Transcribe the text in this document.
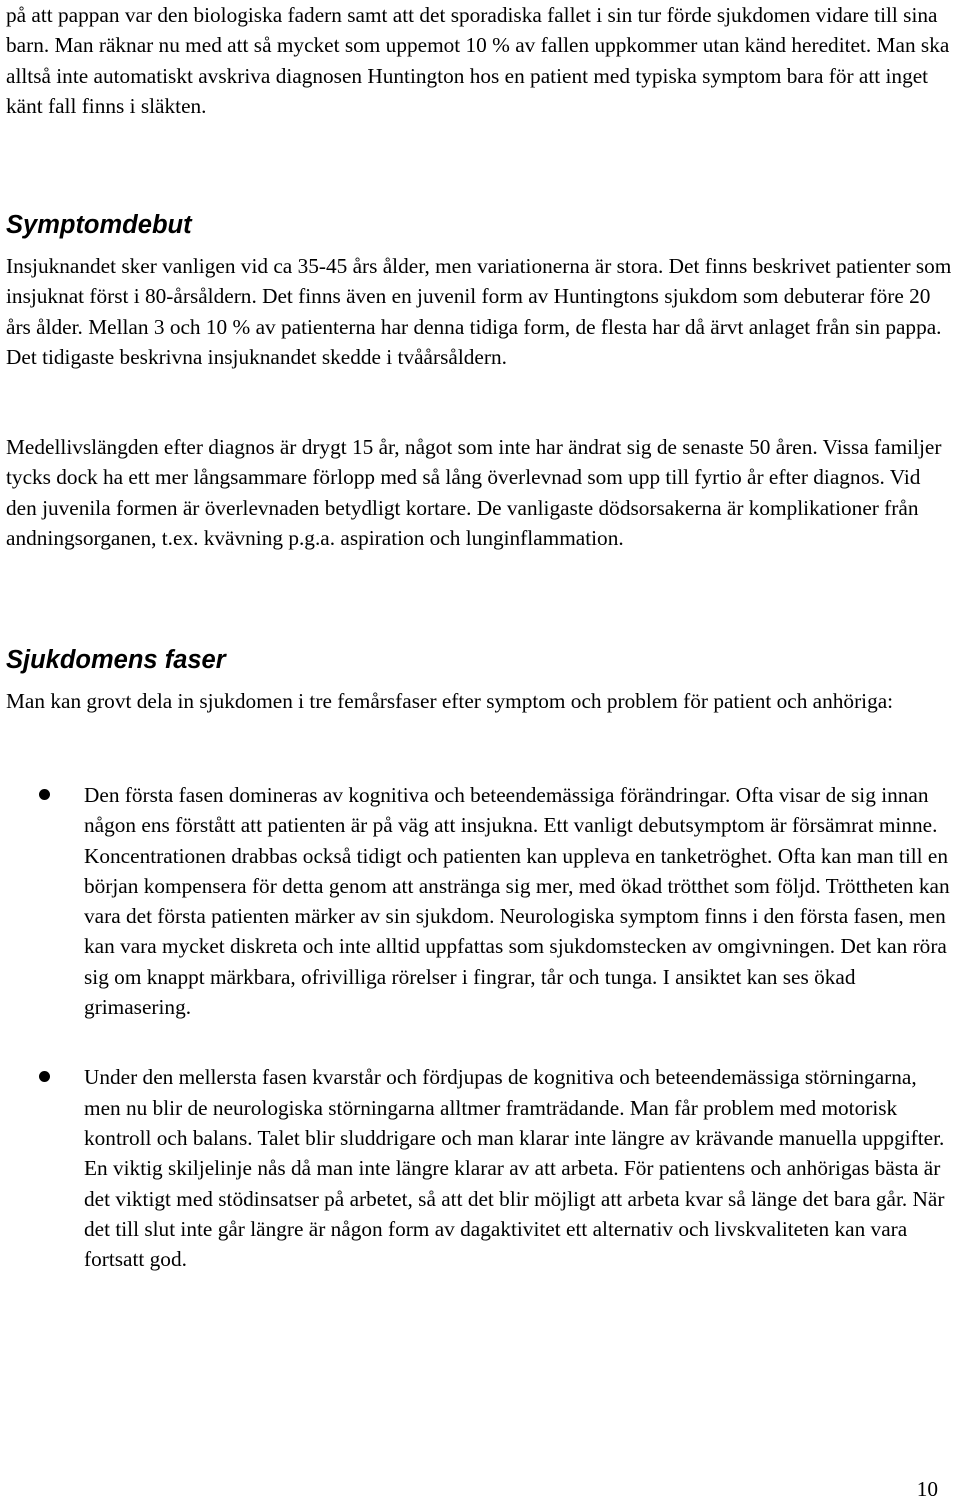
på att pappan var den biologiska fadern samt att det sporadiska fallet i sin tur förde sjukdomen vidare till sina barn. Man räknar nu med att så mycket som uppemot 10 % av fallen uppkommer utan känd hereditet. Man ska alltså inte automatiskt avskriva diagnosen Huntington hos en patient med typiska symptom bara för att inget känt fall finns i släkten.

Symptomdebut

Insjuknandet sker vanligen vid ca 35-45 års ålder, men variationerna är stora. Det finns beskrivet patienter som insjuknat först i 80-årsåldern. Det finns även en juvenil form av Huntingtons sjukdom som debuterar före 20 års ålder. Mellan 3 och 10 % av patienterna har denna tidiga form, de flesta har då ärvt anlaget från sin pappa. Det tidigaste beskrivna insjuknandet skedde i tvåårsåldern.

Medellivslängden efter diagnos är drygt 15 år, något som inte har ändrat sig de senaste 50 åren. Vissa familjer tycks dock ha ett mer långsammare förlopp med så lång överlevnad som upp till fyrtio år efter diagnos. Vid den juvenila formen är överlevnaden betydligt kortare. De vanligaste dödsorsakerna är komplikationer från andningsorganen, t.ex. kvävning p.g.a. aspiration och lunginflammation.

Sjukdomens faser

Man kan grovt dela in sjukdomen i tre femårsfaser efter symptom och problem för patient och anhöriga:

Den första fasen domineras av kognitiva och beteendemässiga förändringar. Ofta visar de sig innan någon ens förstått att patienten är på väg att insjukna. Ett vanligt debutsymptom är försämrat minne. Koncentrationen drabbas också tidigt och patienten kan uppleva en tanketröghet. Ofta kan man till en början kompensera för detta genom att anstränga sig mer, med ökad trötthet som följd. Tröttheten kan vara det första patienten märker av sin sjukdom. Neurologiska symptom finns i den första fasen, men kan vara mycket diskreta och inte alltid uppfattas som sjukdomstecken av omgivningen. Det kan röra sig om knappt märkbara, ofrivilliga rörelser i fingrar, tår och tunga. I ansiktet kan ses ökad grimasering.
Under den mellersta fasen kvarstår och fördjupas de kognitiva och beteendemässiga störningarna, men nu blir de neurologiska störningarna alltmer framträdande. Man får problem med motorisk kontroll och balans. Talet blir sluddrigare och man klarar inte längre av krävande manuella uppgifter. En viktig skiljelinje nås då man inte längre klarar av att arbeta. För patientens och anhörigas bästa är det viktigt med stödinsatser på arbetet, så att det blir möjligt att arbeta kvar så länge det bara går. När det till slut inte går längre är någon form av dagaktivitet ett alternativ och livskvaliteten kan vara fortsatt god.
10
